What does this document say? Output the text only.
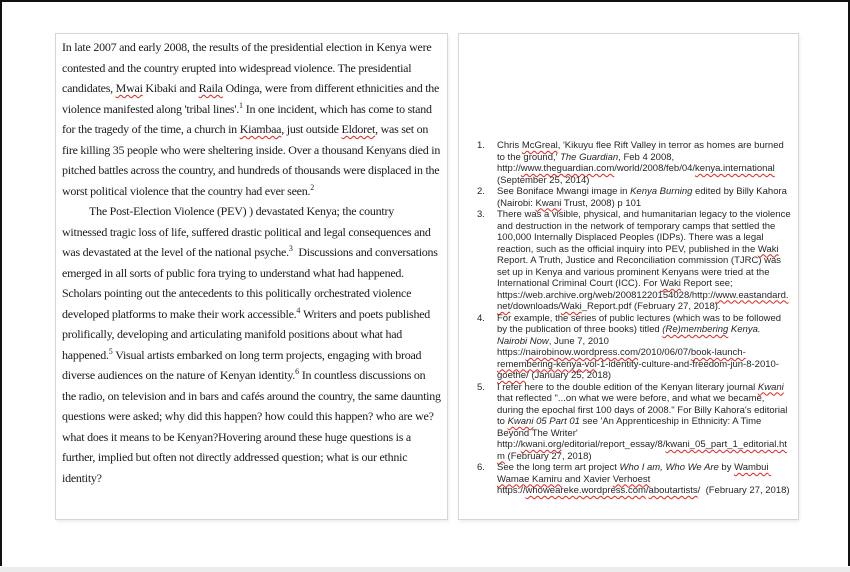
In late 2007 and early 2008, the results of the presidential election in Kenya were contested and the country erupted into widespread violence. The presidential candidates, Mwai Kibaki and Raila Odinga, were from different ethnicities and the violence manifested along 'tribal lines'.$^1$ In one incident, which has come to stand for the tragedy of the time, a church in Kiambaa, just outside Eldoret, was set on fire killing 35 people who were sheltering inside. Over a thousand Kenyans died in pitched battles across the country, and hundreds of thousands were displaced in the worst political violence that the country had ever seen.$^2$
The Post-Election Violence (PEV) ) devastated Kenya; the country witnessed tragic loss of life, suffered drastic political and legal consequences and was devastated at the level of the national psyche.$^3$  Discussions and conversations emerged in all sorts of public fora trying to understand what had happened. Scholars pointing out the antecedents to this politically orchestrated violence developed platforms to make their work accessible.$^4$ Writers and poets published prolifically, developing and articulating manifold positions about what had happened.$^5$ Visual artists embarked on long term projects, engaging with broad diverse audiences on the nature of Kenyan identity.$^6$ In countless discussions on the radio, on television and in bars and cafés around the country, the same daunting questions were asked; why did this happen? how could this happen? who are we? what does it means to be Kenyan?Hovering around these huge questions is a further, implied but often not directly addressed question; what is our ethnic identity?
1.	Chris McGreal, 'Kikuyu flee Rift Valley in terror as homes are burned to the ground,' The Guardian, Feb 4 2008, http://www.theguardian.com/world/2008/feb/04/kenya.international (September 25, 2014)
2.	See Boniface Mwangi image in Kenya Burning edited by Billy Kahora (Nairobi: Kwani Trust, 2008) p 101
3.	There was a visible, physical, and humanitarian legacy to the violence and destruction in the network of temporary camps that settled the 100,000 Internally Displaced Peoples (IDPs). There was a legal reaction, such as the official inquiry into PEV, published in the Waki Report. A Truth, Justice and Reconciliation commission (TJRC) was set up in Kenya and various prominent Kenyans were tried at the International Criminal Court (ICC). For Waki Report see; https://web.archive.org/web/20081220154028/http://www.eastandard.net/downloads/Waki_Report.pdf (February 27, 2018).
4.	For example, the series of public lectures (which was to be followed by the publication of three books) titled (Re)membering Kenya. Nairobi Now, June 7, 2010 https://nairobinow.wordpress.com/2010/06/07/book-launch-remembering-kenya-vol-1-identity-culture-and-freedom-jun-8-2010-goethe/ (January 25, 2018)
5.	I refer here to the double edition of the Kenyan literary journal Kwani that reflected "...on what we were before, and what we became, during the epochal first 100 days of 2008." For Billy Kahora's editorial to Kwani 05 Part 01 see 'An Apprenticeship in Ethnicity: A Time Beyond The Writer' http://kwani.org/editorial/report_essay/8/kwani_05_part_1_editorial.htm (February 27, 2018)
6.	See the long term art project Who I am, Who We Are by Wambui Wamae Kamiru and Xavier Verhoest https://whoweareke.wordpress.com/aboutartists/  (February 27, 2018)
